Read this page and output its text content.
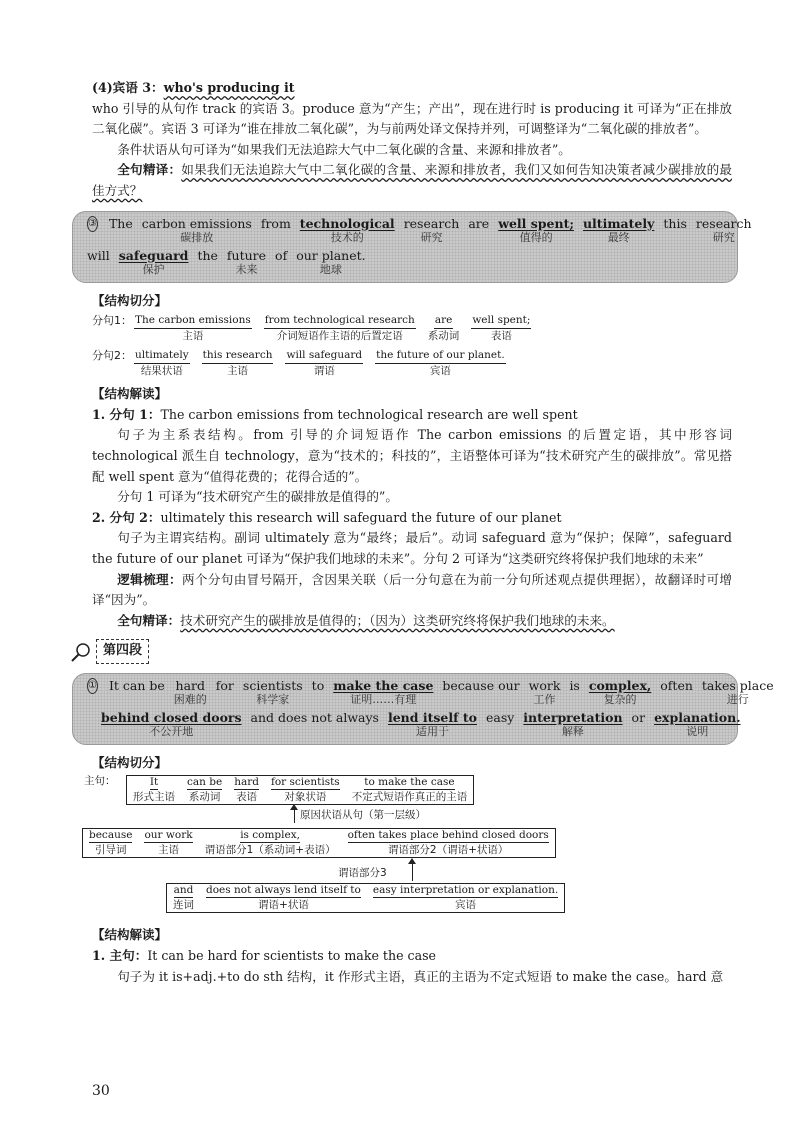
(4)宾语 3：who's producing it

who 引导的从句作 track 的宾语 3。produce 意为“产生；产出”，现在进行时 is producing it 可译为“正在排放二氧化碳”。宾语 3 可译为“谁在排放二氧化碳”，为与前两处译文保持并列，可调整译为“二氧化碳的排放者”。

条件状语从句可译为“如果我们无法追踪大气中二氧化碳的含量、来源和排放者”。

全句精译：如果我们无法追踪大气中二氧化碳的含量、来源和排放者，我们又如何告知决策者减少碳排放的最佳方式？

③ The
carbon emissions
碳排放
from
technological
技术的
research
研究
are
well spent;
值得的
ultimately
最终
this
research
研究
will
safeguard
保护
the
future
未来
of
our planet.
地球
【结构切分】
分句1： The carbon emissions
主语
from technological research
介词短语作主语的后置定语
are
系动词
well spent;
表语
分句2： ultimately
结果状语
this research
主语
will safeguard
谓语
the future of our planet.
宾语
【结构解读】

1. 分句 1：The carbon emissions from technological research are well spent

句子为主系表结构。from 引导的介词短语作 The carbon emissions 的后置定语，其中形容词 technological 派生自 technology，意为“技术的；科技的”，主语整体可译为“技术研究产生的碳排放”。常见搭配 well spent 意为“值得花费的；花得合适的”。

分句 1 可译为“技术研究产生的碳排放是值得的”。

2. 分句 2：ultimately this research will safeguard the future of our planet

句子为主谓宾结构。副词 ultimately 意为“最终；最后”。动词 safeguard 意为“保护；保障”，safeguard the future of our planet 可译为“保护我们地球的未来”。分句 2 可译为“这类研究终将保护我们地球的未来”

逻辑梳理：两个分句由冒号隔开，含因果关联（后一分句意在为前一分句所述观点提供理据），故翻译时可增译“因为”。

全句精译：技术研究产生的碳排放是值得的；（因为）这类研究终将保护我们地球的未来。

第四段
① It can be
hard
困难的
for
scientists
科学家
to
make the case
证明……有理
because our
work
工作
is
complex,
复杂的
often
takes place
进行
behind closed doors
不公开地
and does not always
lend itself to
适用于
easy
interpretation
解释
or
explanation.
说明
【结构切分】
主句：	It
形式主语
can be
系动词
hard
表语
for scientists
对象状语
to make the case
不定式短语作真正的主语
原因状语从句（第一层级）
because
引导词
our work
主语
is complex,
谓语部分1（系动词+表语）
often takes place behind closed doors
谓语部分2（谓语+状语）
谓语部分3
and
连词
does not always lend itself to
谓语+状语
easy interpretation or explanation.
宾语
【结构解读】

1. 主句：It can be hard for scientists to make the case

句子为 it is+adj.+to do sth 结构，it 作形式主语，真正的主语为不定式短语 to make the case。hard 意

30
